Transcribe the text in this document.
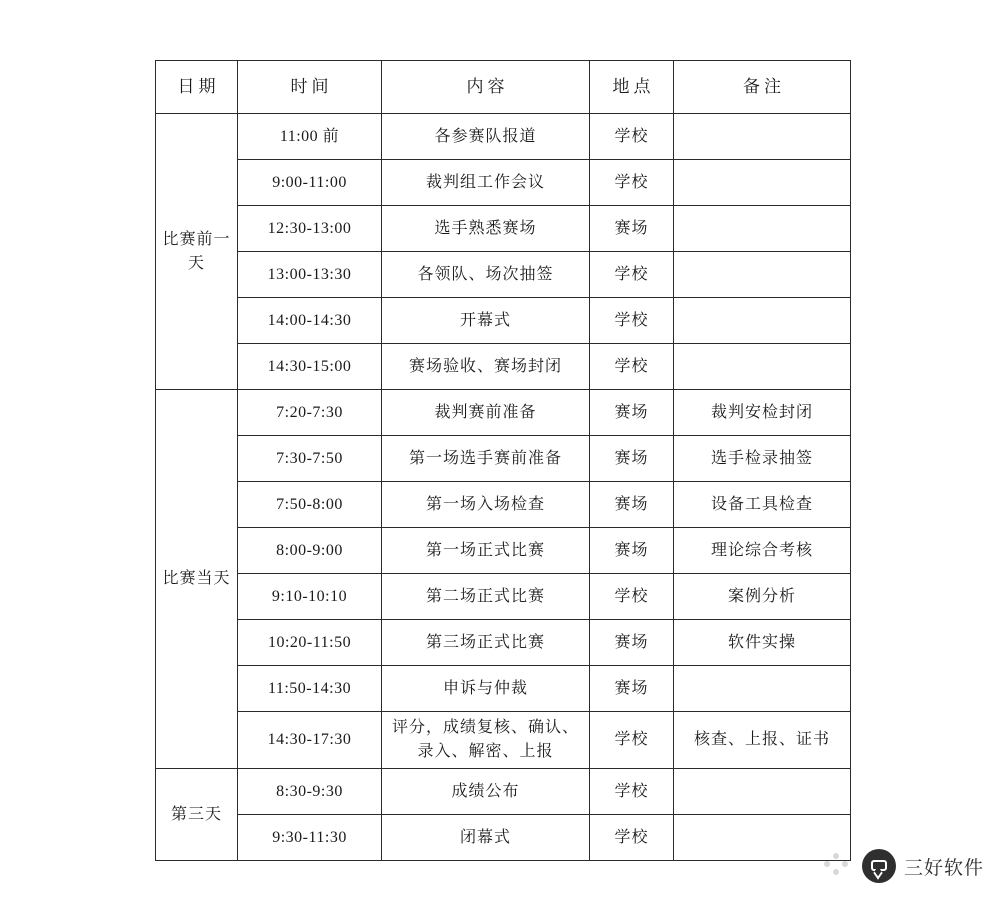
日期	时间	内容	地点	备注
比赛前一天	11:00 前	各参赛队报道	学校	
	9:00-11:00	裁判组工作会议	学校	
	12:30-13:00	选手熟悉赛场	赛场	
	13:00-13:30	各领队、场次抽签	学校	
	14:00-14:30	开幕式	学校	
	14:30-15:00	赛场验收、赛场封闭	学校	
比赛当天	7:20-7:30	裁判赛前准备	赛场	裁判安检封闭
	7:30-7:50	第一场选手赛前准备	赛场	选手检录抽签
	7:50-8:00	第一场入场检查	赛场	设备工具检查
	8:00-9:00	第一场正式比赛	赛场	理论综合考核
	9:10-10:10	第二场正式比赛	学校	案例分析
	10:20-11:50	第三场正式比赛	赛场	软件实操
	11:50-14:30	申诉与仲裁	赛场	
	14:30-17:30	评分，成绩复核、确认、
录入、解密、上报	学校	核查、上报、证书
第三天	8:30-9:30	成绩公布	学校	
	9:30-11:30	闭幕式	学校	
三好软件
